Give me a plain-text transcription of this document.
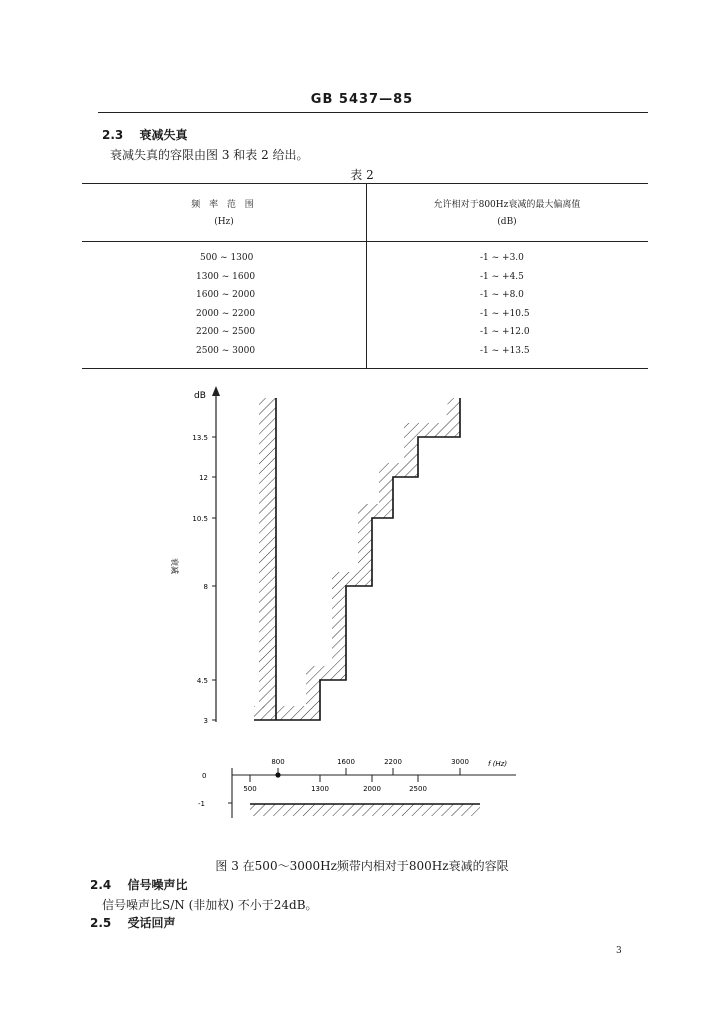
GB 5437—85
2.3 衰减失真
衰减失真的容限由图 3 和表 2 给出。
表 2
频 率 范 围
(Hz)
允许相对于800Hz衰减的最大偏离值
(dB)
500 ~ 1300	-1 ~ +3.0
1300 ~ 1600	-1 ~ +4.5
1600 ~ 2000	-1 ~ +8.0
2000 ~ 2200	-1 ~ +10.5
2200 ~ 2500	-1 ~ +12.0
2500 ~ 3000	-1 ~ +13.5
dB
衰减
13.5
12
10.5
8
4.5
3
0
-1
800	1600	2200	3000
500	1300	2000	2500
f (Hz)
图 3 在500～3000Hz频带内相对于800Hz衰减的容限
2.4 信号噪声比
信号噪声比S/N (非加权) 不小于24dB。
2.5 受话回声
3
